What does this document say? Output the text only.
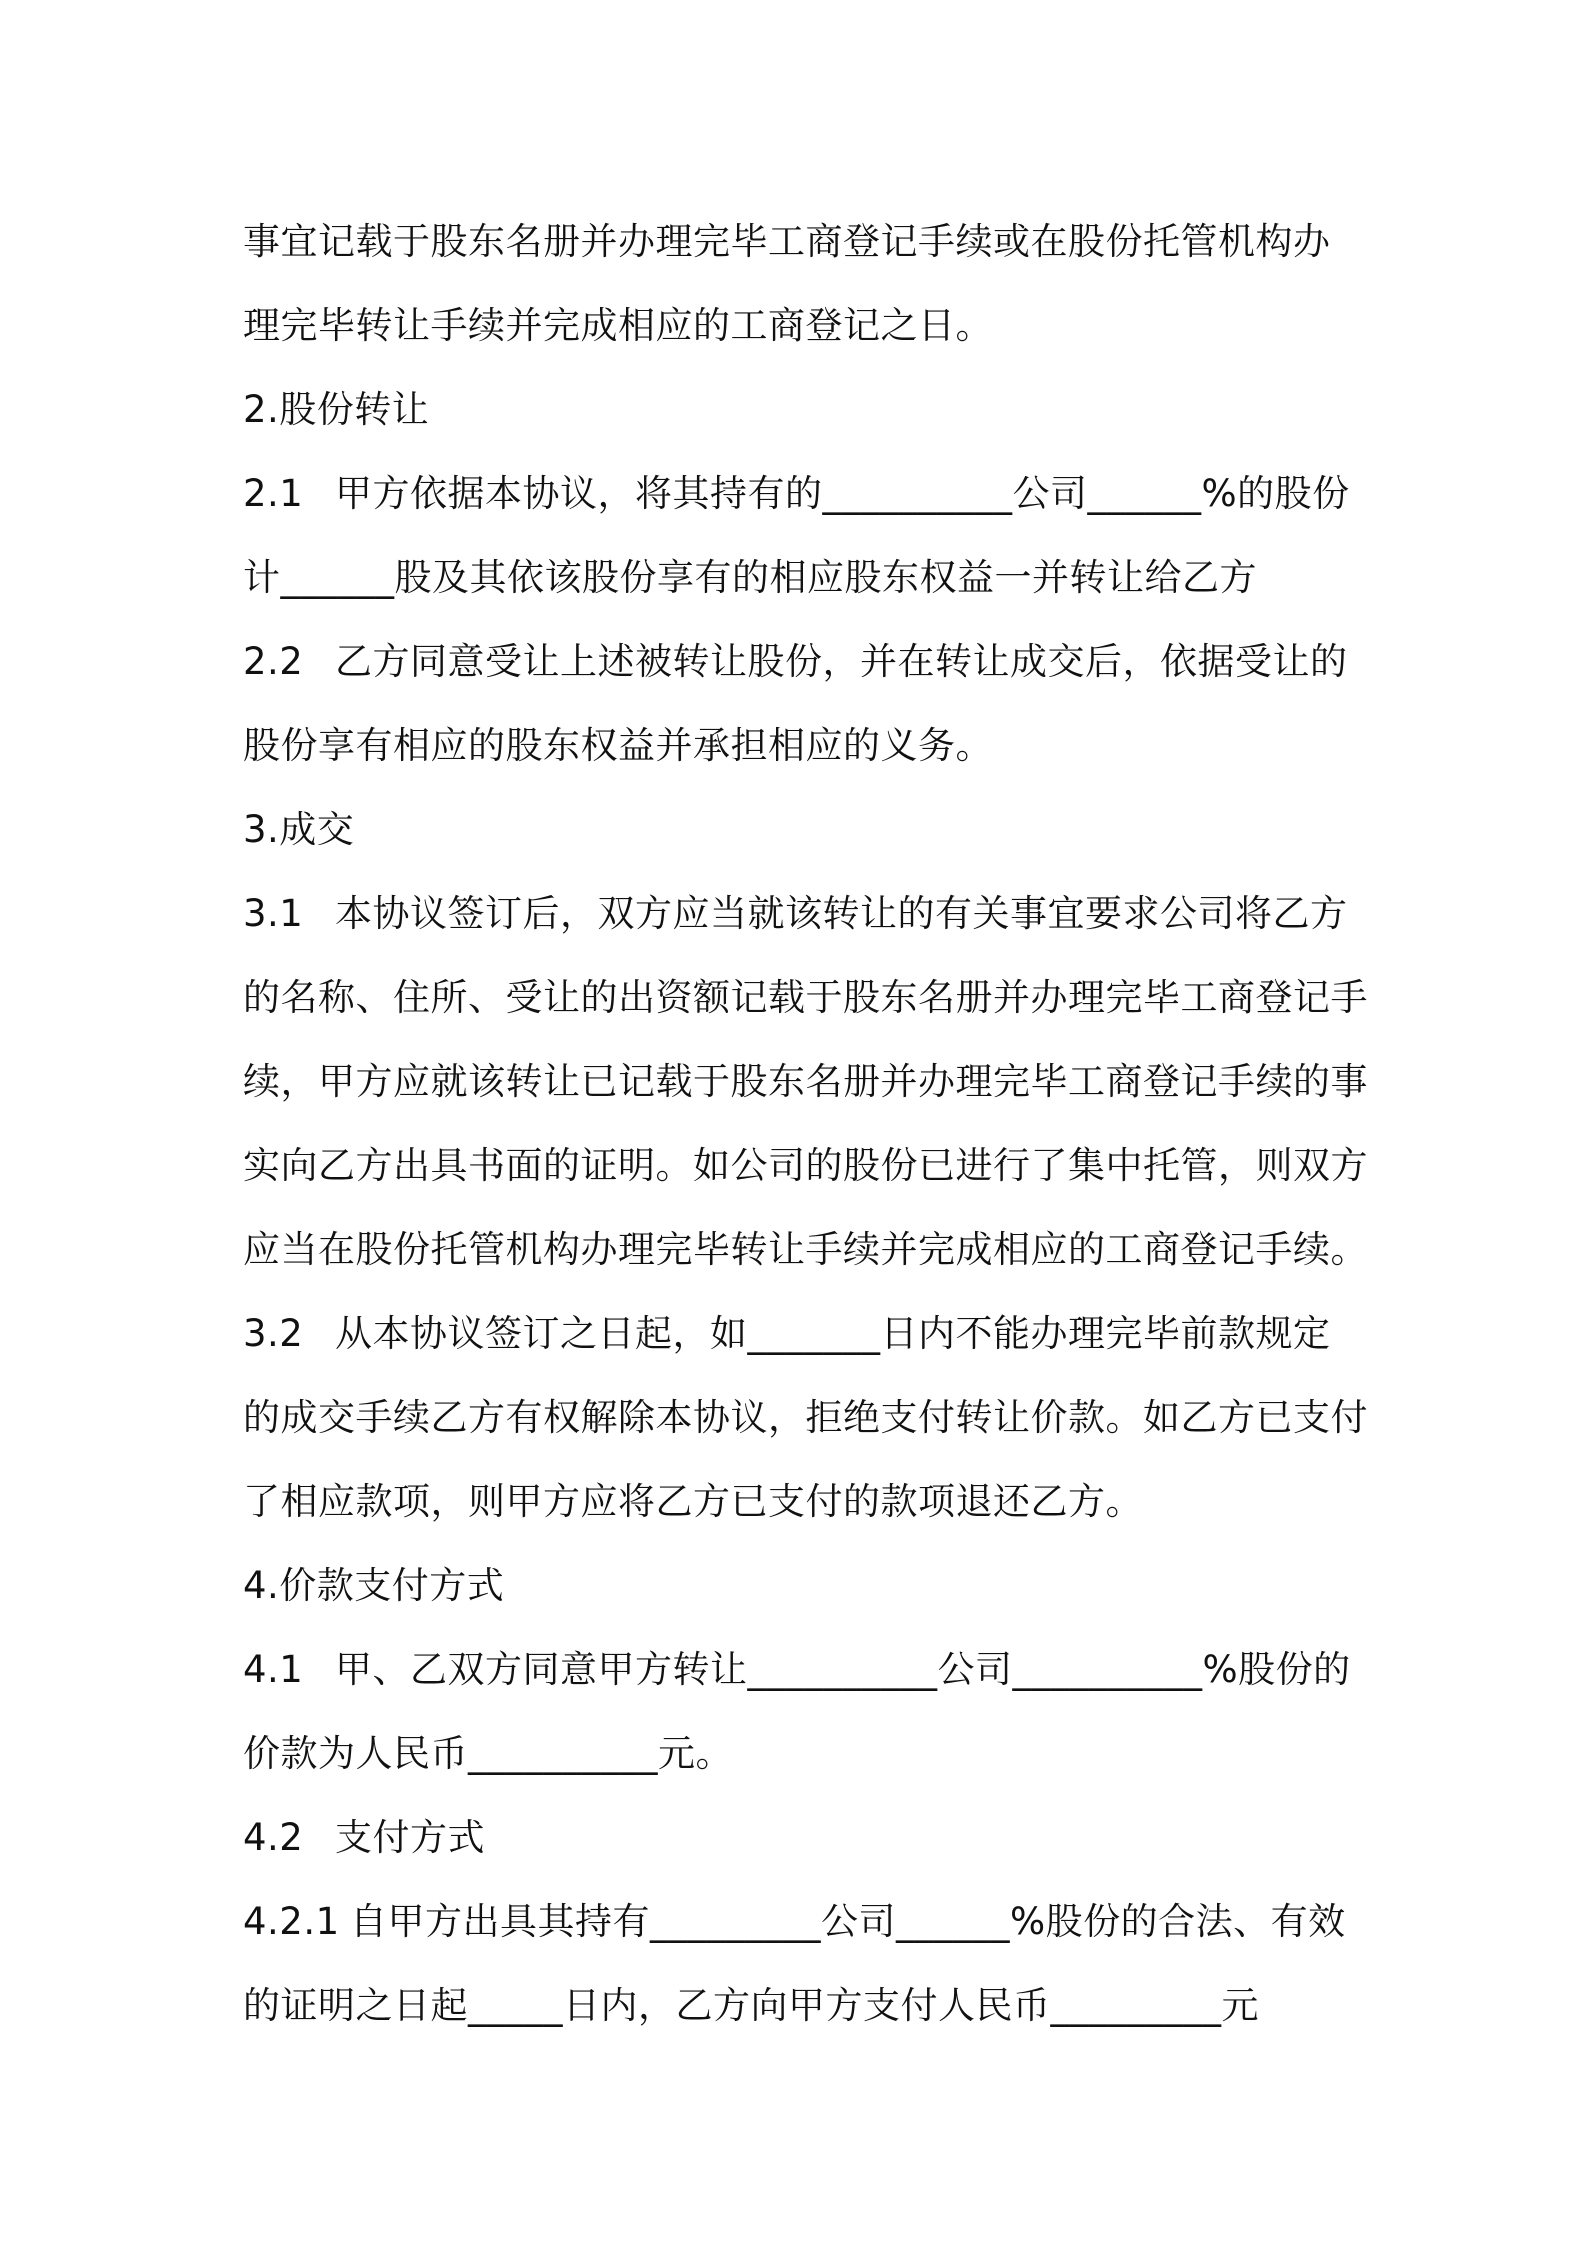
事宜记载于股东名册并办理完毕工商登记手续或在股份托管机构办
理完毕转让手续并完成相应的工商登记之日。
2.股份转让
2.1 甲方依据本协议，将其持有的__________公司______%的股份
计______股及其依该股份享有的相应股东权益一并转让给乙方
2.2 乙方同意受让上述被转让股份，并在转让成交后，依据受让的
股份享有相应的股东权益并承担相应的义务。
3.成交
3.1 本协议签订后，双方应当就该转让的有关事宜要求公司将乙方
的名称、住所、受让的出资额记载于股东名册并办理完毕工商登记手
续，甲方应就该转让已记载于股东名册并办理完毕工商登记手续的事
实向乙方出具书面的证明。如公司的股份已进行了集中托管，则双方
应当在股份托管机构办理完毕转让手续并完成相应的工商登记手续。
3.2 从本协议签订之日起，如_______日内不能办理完毕前款规定
的成交手续乙方有权解除本协议，拒绝支付转让价款。如乙方已支付
了相应款项，则甲方应将乙方已支付的款项退还乙方。
4.价款支付方式
4.1 甲、乙双方同意甲方转让__________公司__________%股份的
价款为人民币__________元。
4.2 支付方式
4.2.1 自甲方出具其持有_________公司______%股份的合法、有效
的证明之日起_____日内，乙方向甲方支付人民币_________元
